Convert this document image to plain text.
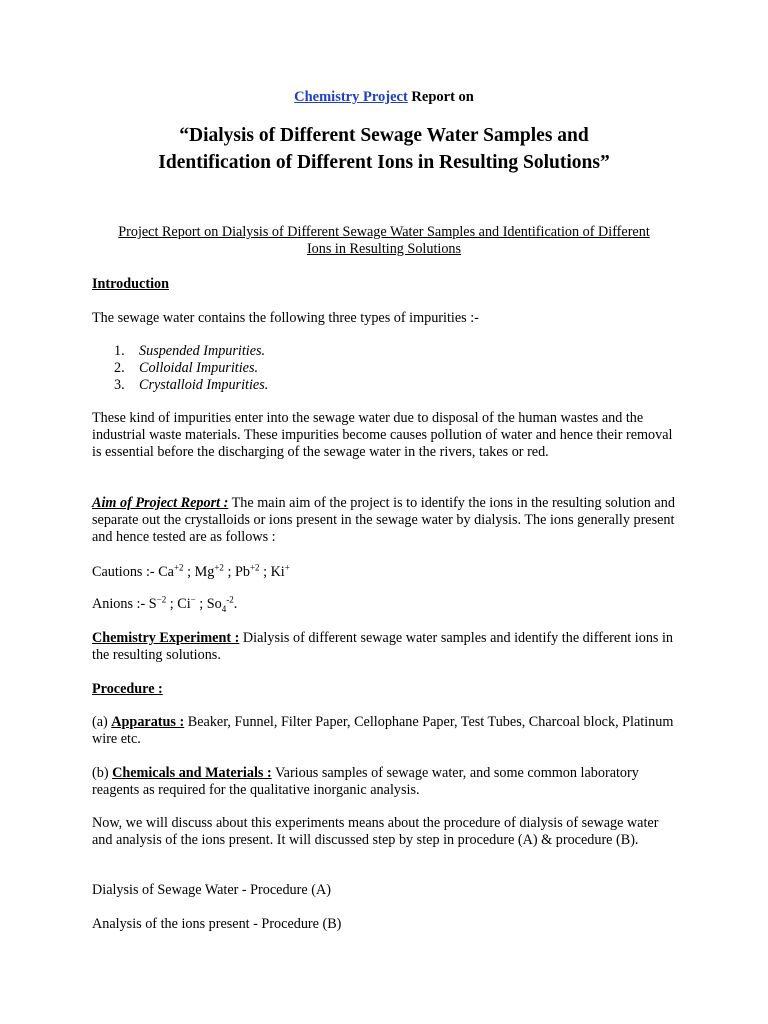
Chemistry Project Report on
“Dialysis of Different Sewage Water Samples and
Identification of Different Ions in Resulting Solutions”
Project Report on Dialysis of Different Sewage Water Samples and Identification of Different
Ions in Resulting Solutions

Introduction

The sewage water contains the following three types of impurities :-

1.	Suspended Impurities.
2.	Colloidal Impurities.
3.	Crystalloid Impurities.

These kind of impurities enter into the sewage water due to disposal of the human wastes and the industrial waste materials. These impurities become causes pollution of water and hence their removal is essential before the discharging of the sewage water in the rivers, takes or red.

Aim of Project Report : The main aim of the project is to identify the ions in the resulting solution and separate out the crystalloids or ions present in the sewage water by dialysis. The ions generally present and hence tested are as follows :

Cautions :- $Ca^{+2}$ ; $Mg^{+2}$ ; $Pb^{+2}$ ; Ki+

Anions :- $S^{-2}$ ; Ci− ; $So_4^{-2}$.

Chemistry Experiment : Dialysis of different sewage water samples and identify the different ions in the resulting solutions.

Procedure :

(a) Apparatus : Beaker, Funnel, Filter Paper, Cellophane Paper, Test Tubes, Charcoal block, Platinum wire etc.

(b) Chemicals and Materials : Various samples of sewage water, and some common laboratory reagents as required for the qualitative inorganic analysis.

Now, we will discuss about this experiments means about the procedure of dialysis of sewage water and analysis of the ions present. It will discussed step by step in procedure (A) & procedure (B).

Dialysis of Sewage Water - Procedure (A)

Analysis of the ions present - Procedure (B)
